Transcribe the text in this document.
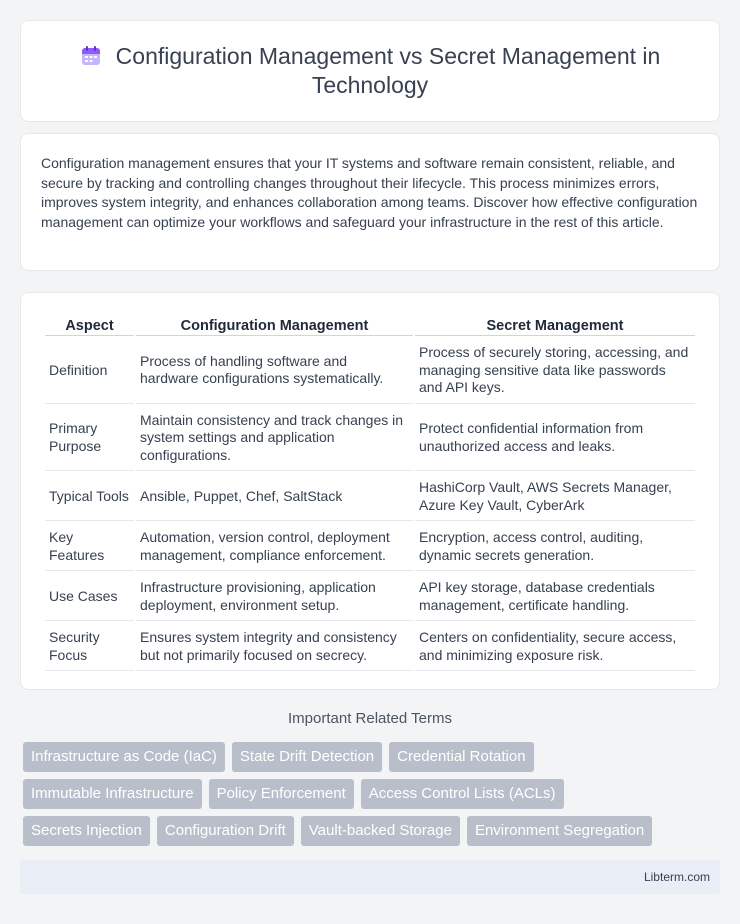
Configuration Management vs Secret Management in Technology

Configuration management ensures that your IT systems and software remain consistent, reliable, and secure by tracking and controlling changes throughout their lifecycle. This process minimizes errors, improves system integrity, and enhances collaboration among teams. Discover how effective configuration management can optimize your workflows and safeguard your infrastructure in the rest of this article.

Aspect	Configuration Management	Secret Management
Definition	Process of handling software and hardware configurations systematically.	Process of securely storing, accessing, and managing sensitive data like passwords and API keys.
Primary Purpose	Maintain consistency and track changes in system settings and application configurations.	Protect confidential information from unauthorized access and leaks.
Typical Tools	Ansible, Puppet, Chef, SaltStack	HashiCorp Vault, AWS Secrets Manager, Azure Key Vault, CyberArk
Key Features	Automation, version control, deployment management, compliance enforcement.	Encryption, access control, auditing, dynamic secrets generation.
Use Cases	Infrastructure provisioning, application deployment, environment setup.	API key storage, database credentials management, certificate handling.
Security Focus	Ensures system integrity and consistency but not primarily focused on secrecy.	Centers on confidentiality, secure access, and minimizing exposure risk.
Important Related Terms
Infrastructure as Code (IaC)	State Drift Detection	Credential Rotation
Immutable Infrastructure	Policy Enforcement	Access Control Lists (ACLs)
Secrets Injection	Configuration Drift	Vault-backed Storage	Environment Segregation
Libterm.com
